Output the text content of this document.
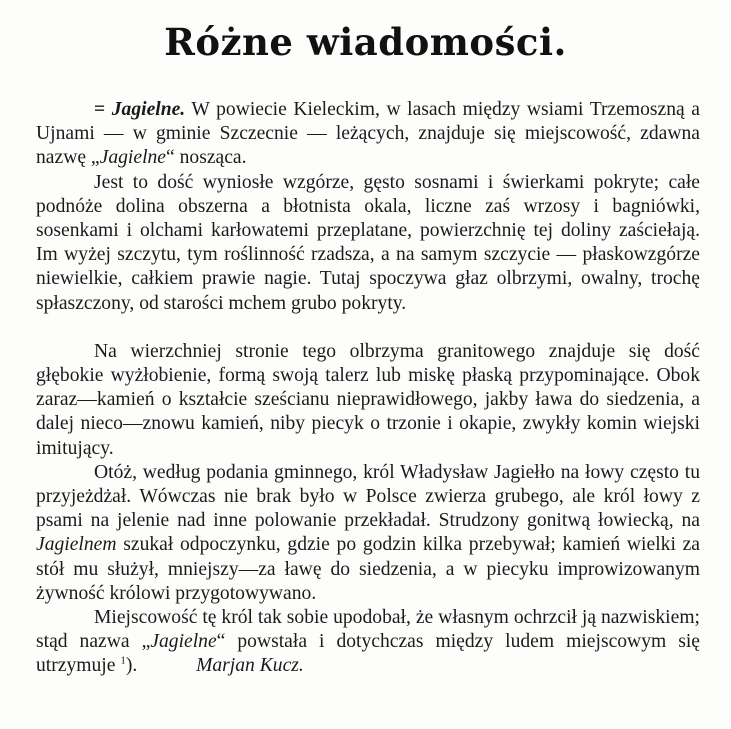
Różne wiadomości.

= Jagielne. W powiecie Kieleckim, w lasach między wsiami Trzemoszną a Ujnami — w gminie Szczecnie — leżących, znajduje się miejscowość, zdawna nazwę „Jagielne“ nosząca.

Jest to dość wyniosłe wzgórze, gęsto sosnami i świerkami pokryte; całe podnóże dolina obszerna a błotnista okala, liczne zaś wrzosy i bagniówki, sosenkami i olchami karłowatemi przeplatane, powierzchnię tej doliny zaściełają. Im wyżej szczytu, tym roślinność rzadsza, a na samym szczycie — płaskowzgórze niewielkie, całkiem prawie nagie. Tutaj spoczywa głaz olbrzymi, owalny, trochę spłaszczony, od starości mchem grubo pokryty.

Na wierzchniej stronie tego olbrzyma granitowego znajduje się dość głębokie wyżłobienie, formą swoją talerz lub miskę płaską przypominające. Obok zaraz—kamień o kształcie sześcianu nieprawidłowego, jakby ława do siedzenia, a dalej nieco—znowu kamień, niby piecyk o trzonie i okapie, zwykły komin wiejski imitujący.

Otóż, według podania gminnego, król Władysław Jagiełło na łowy często tu przyjeżdżał. Wówczas nie brak było w Polsce zwierza grubego, ale król łowy z psami na jelenie nad inne polowanie przekładał. Strudzony gonitwą łowiecką, na Jagielnem szukał odpoczynku, gdzie po godzin kilka przebywał; kamień wielki za stół mu służył, mniejszy—za ławę do siedzenia, a w piecyku improwizowanym żywność królowi przygotowywano.

Miejscowość tę król tak sobie upodobał, że własnym ochrzcił ją nazwiskiem; stąd nazwa „Jagielne“ powstała i dotychczas między ludem miejscowym się utrzymuje $^1$).	Marjan Kucz.
